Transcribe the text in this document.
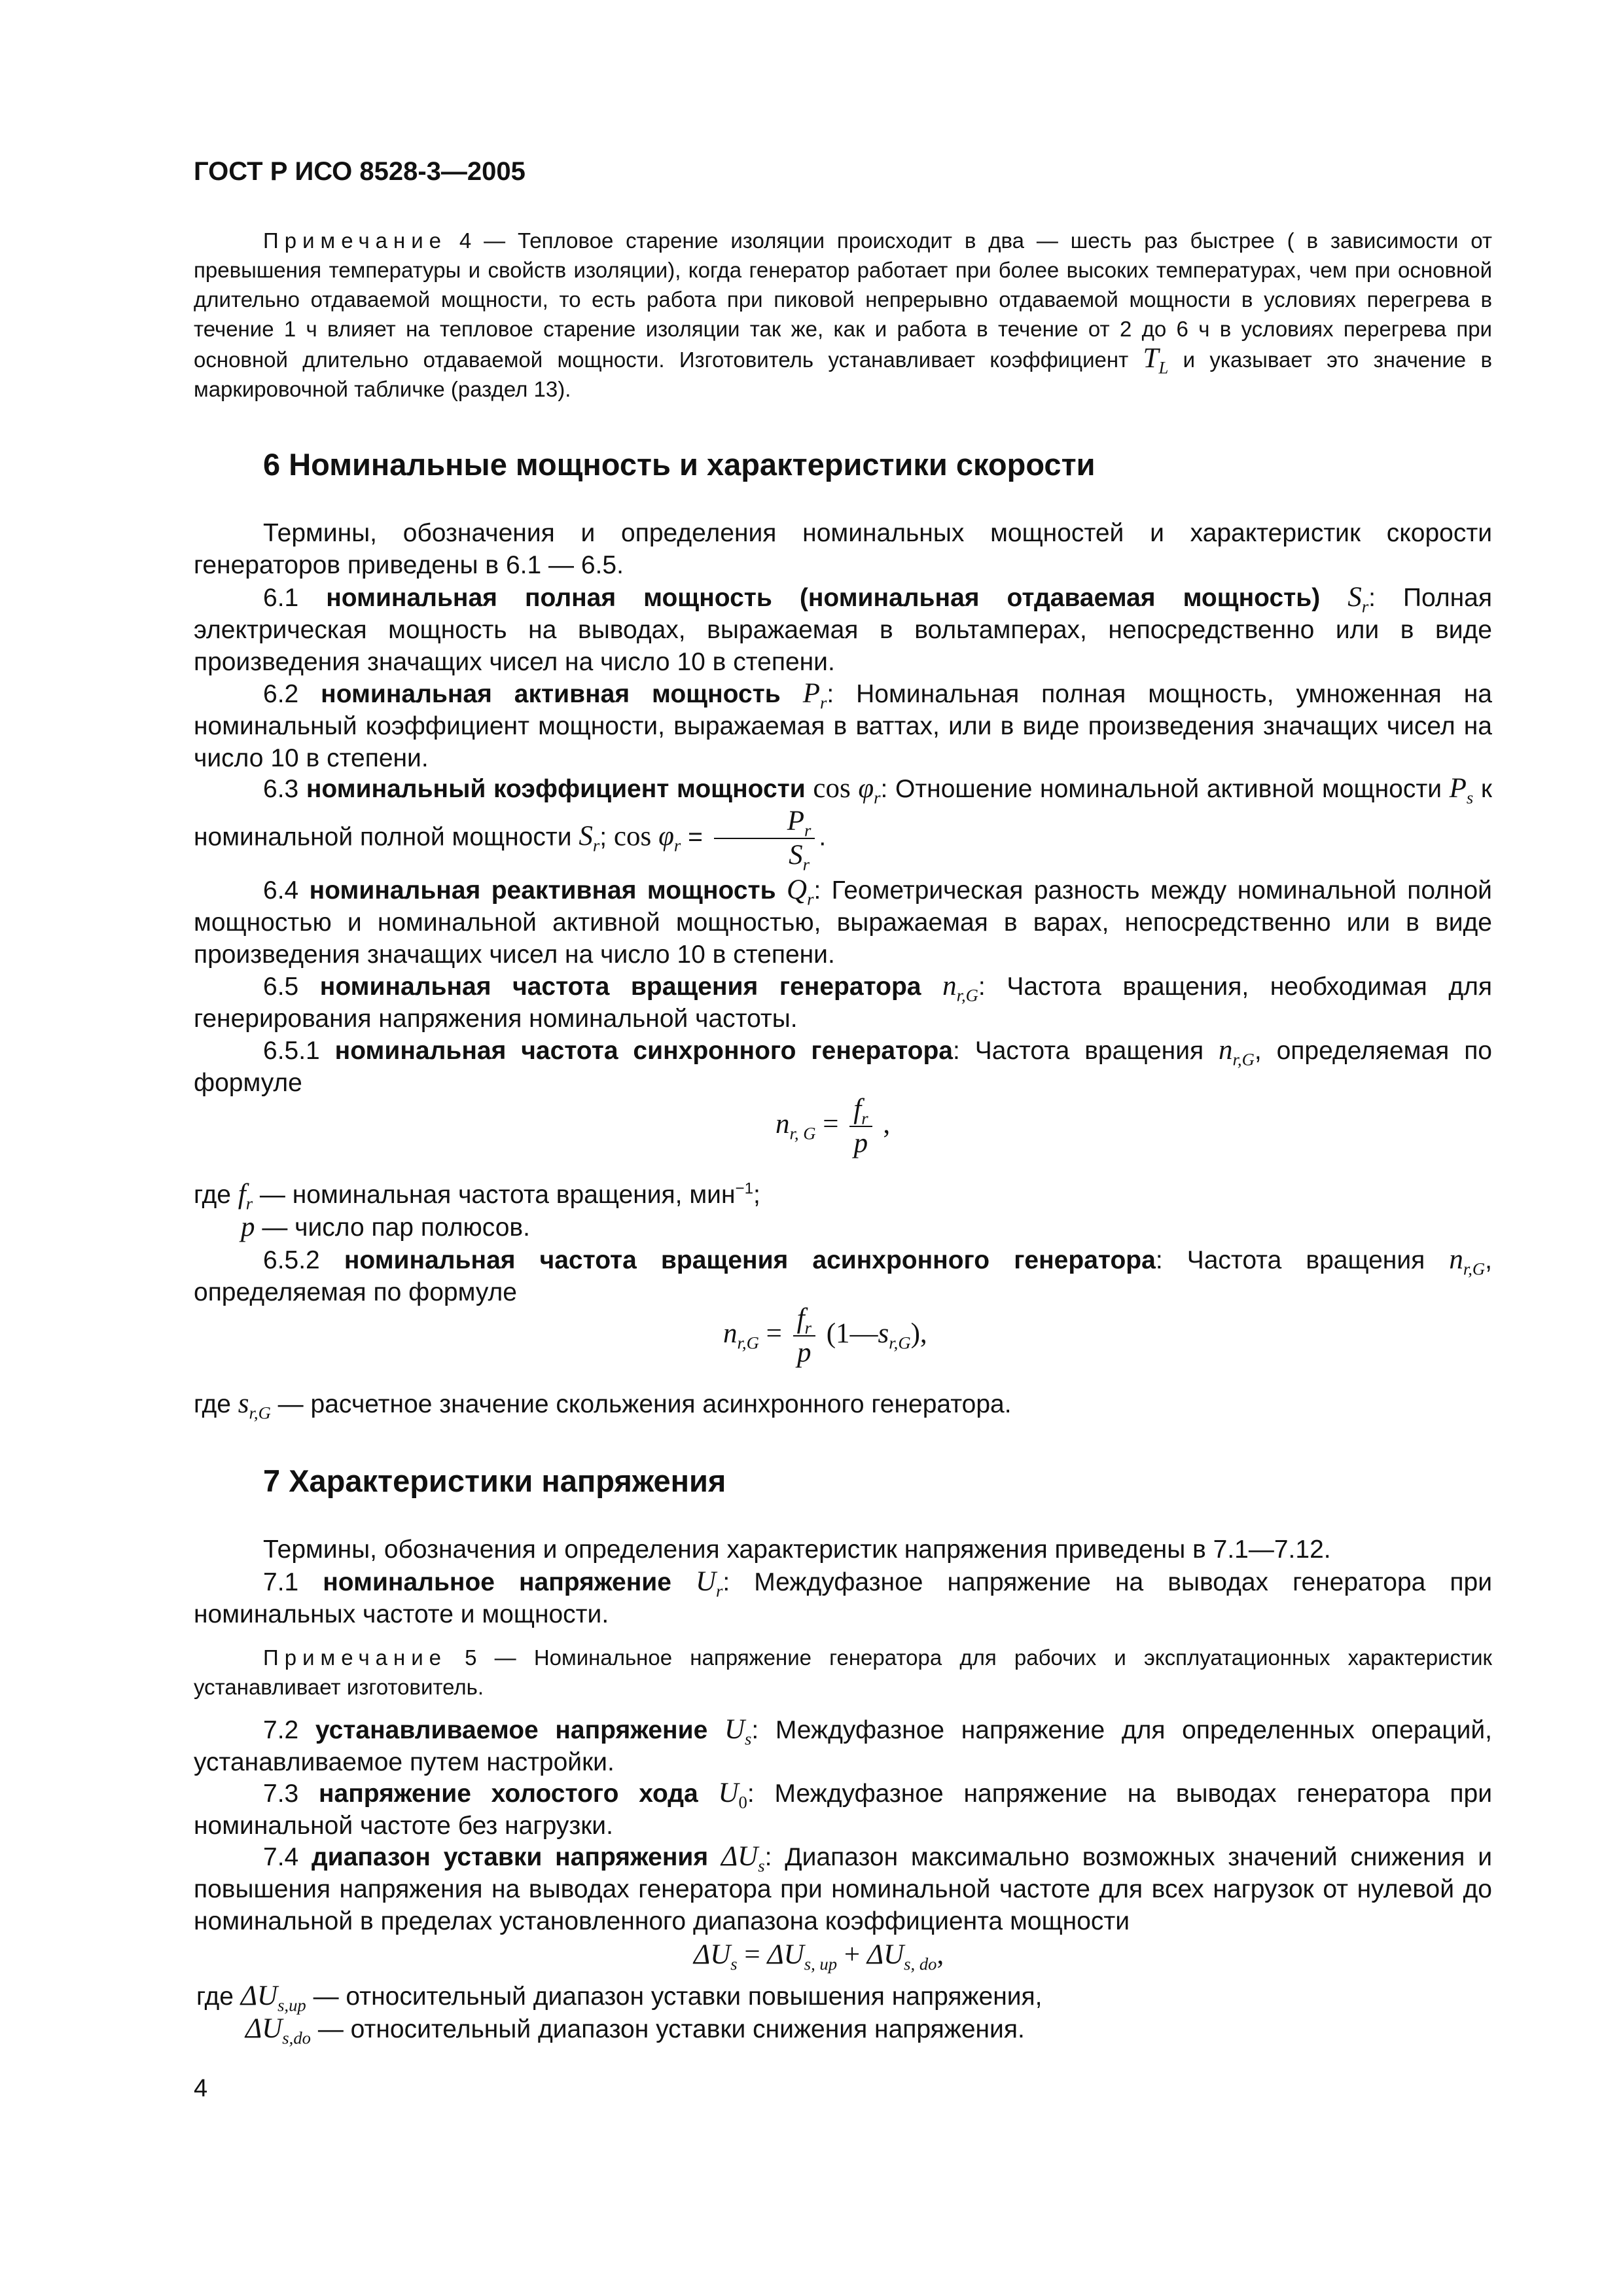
ГОСТ Р ИСО 8528-3—2005
Примечание 4 — Тепловое старение изоляции происходит в два — шесть раз быстрее ( в зависимости от превышения температуры и свойств изоляции), когда генератор работает при более высоких температурах, чем при основной длительно отдаваемой мощности, то есть работа при пиковой непрерывно отдаваемой мощности в условиях перегрева в течение 1 ч влияет на тепловое старение изоляции так же, как и работа в течение от 2 до 6 ч в условиях перегрева при основной длительно отдаваемой мощности. Изготовитель устанавливает коэффициент $T_L$ и указывает это значение в маркировочной табличке (раздел 13).
6 Номинальные мощность и характеристики скорости
Термины, обозначения и определения номинальных мощностей и характеристик скорости генераторов приведены в 6.1 — 6.5.
6.1 номинальная полная мощность (номинальная отдаваемая мощность) $S_r$: Полная электрическая мощность на выводах, выражаемая в вольтамперах, непосредственно или в виде произведения значащих чисел на число 10 в степени.
6.2 номинальная активная мощность $P_r$: Номинальная полная мощность, умноженная на номинальный коэффициент мощности, выражаемая в ваттах, или в виде произведения значащих чисел на число 10 в степени.
6.3 номинальный коэффициент мощности $\cos \varphi_r$: Отношение номинальной активной мощности $P_s$ к номинальной полной мощности $S_r$; $\cos \varphi_r = \frac{P_r}{S_r}$ .
6.4 номинальная реактивная мощность $Q_r$: Геометрическая разность между номинальной полной мощностью и номинальной активной мощностью, выражаемая в варах, непосредственно или в виде произведения значащих чисел на число 10 в степени.
6.5 номинальная частота вращения генератора $n_{r,G}$: Частота вращения, необходимая для генерирования напряжения номинальной частоты.
6.5.1 номинальная частота синхронного генератора: Частота вращения $n_{r,G}$, определяемая по формуле
$n_{r, G} = \frac{f_r}{p}$ ,
где $f_r$ — номинальная частота вращения, мин$^{-1}$;
p — число пар полюсов.
6.5.2 номинальная частота вращения асинхронного генератора: Частота вращения $n_{r,G}$, определяемая по формуле
$n_{r,G} = \frac{f_r}{p}$ $(1—s_{r,G})$,
где $s_{r,G}$ — расчетное значение скольжения асинхронного генератора.
7 Характеристики напряжения
Термины, обозначения и определения характеристик напряжения приведены в 7.1—7.12.
7.1 номинальное напряжение $U_r$: Междуфазное напряжение на выводах генератора при номинальных частоте и мощности.
Примечание 5 — Номинальное напряжение генератора для рабочих и эксплуатационных характеристик устанавливает изготовитель.
7.2 устанавливаемое напряжение $U_s$: Междуфазное напряжение для определенных операций, устанавливаемое путем настройки.
7.3 напряжение холостого хода $U_0$: Междуфазное напряжение на выводах генератора при номинальной частоте без нагрузки.
7.4 диапазон уставки напряжения $\Delta U_s$: Диапазон максимально возможных значений снижения и повышения напряжения на выводах генератора при номинальной частоте для всех нагрузок от нулевой до номинальной в пределах установленного диапазона коэффициента мощности
$\Delta U_s = \Delta U_{s, up} + \Delta U_{s, do}$,
где $\Delta U_{s,up}$ — относительный диапазон уставки повышения напряжения,
$\Delta U_{s,do}$ — относительный диапазон уставки снижения напряжения.
4
